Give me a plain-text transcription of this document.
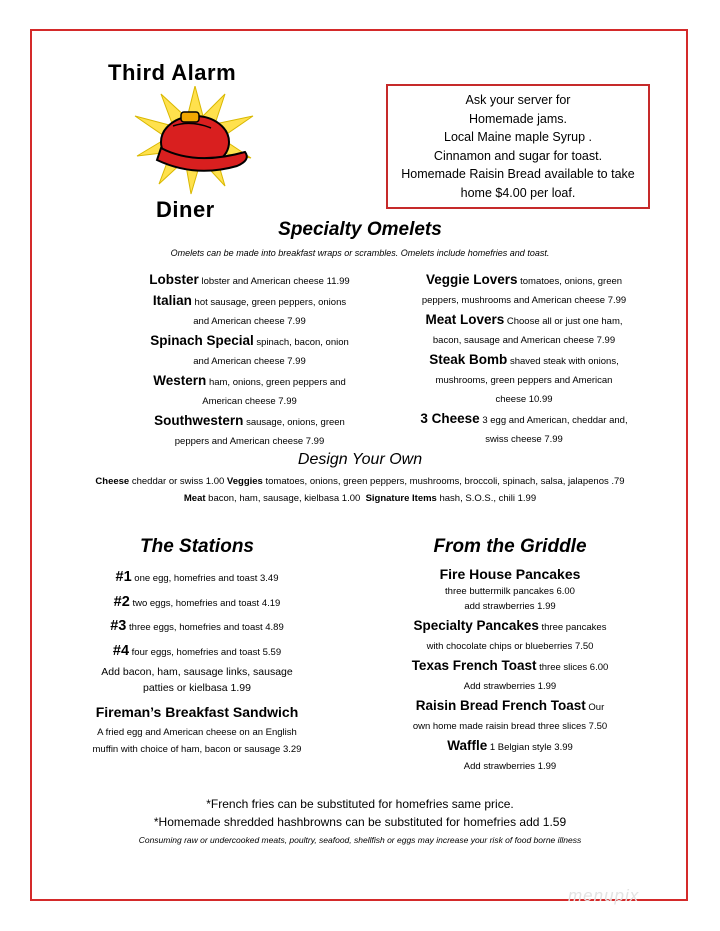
Third Alarm
Diner
Ask your server for
Homemade jams.
Local Maine maple Syrup .
Cinnamon and sugar for toast.
Homemade Raisin Bread available to take
home $4.00 per loaf.
Specialty Omelets
Omelets can be made into breakfast wraps or scrambles. Omelets include homefries and toast.
Lobster lobster and American cheese 11.99
Italian hot sausage, green peppers, onions
and American cheese 7.99
Spinach Special spinach, bacon, onion
and American cheese 7.99
Western ham, onions, green peppers and
American cheese 7.99
Southwestern sausage, onions, green
peppers and American cheese 7.99
Veggie Lovers tomatoes, onions, green
peppers, mushrooms and American cheese 7.99
Meat Lovers Choose all or just one ham,
bacon, sausage and American cheese 7.99
Steak Bomb shaved steak with onions,
mushrooms, green peppers and American
cheese 10.99
3 Cheese 3 egg and American, cheddar and,
swiss cheese 7.99
Design Your Own
Cheese cheddar or swiss 1.00 Veggies tomatoes, onions, green peppers, mushrooms, broccoli, spinach, salsa, jalapenos .79
Meat bacon, ham, sausage, kielbasa 1.00 Signature Items hash, S.O.S., chili 1.99
The Stations
#1 one egg, homefries and toast 3.49
#2 two eggs, homefries and toast 4.19
#3 three eggs, homefries and toast 4.89
#4 four eggs, homefries and toast 5.59
Add bacon, ham, sausage links, sausage
patties or kielbasa 1.99
Fireman’s Breakfast Sandwich
A fried egg and American cheese on an English
muffin with choice of ham, bacon or sausage 3.29
From the Griddle
Fire House Pancakes
three buttermilk pancakes 6.00
add strawberries 1.99
Specialty Pancakes three pancakes
with chocolate chips or blueberries 7.50
Texas French Toast three slices 6.00
Add strawberries 1.99
Raisin Bread French Toast Our
own home made raisin bread three slices 7.50
Waffle 1 Belgian style 3.99
Add strawberries 1.99
*French fries can be substituted for homefries same price.
*Homemade shredded hashbrowns can be substituted for homefries add 1.59
Consuming raw or undercooked meats, poultry, seafood, shellfish or eggs may increase your risk of food borne illness
menupix
